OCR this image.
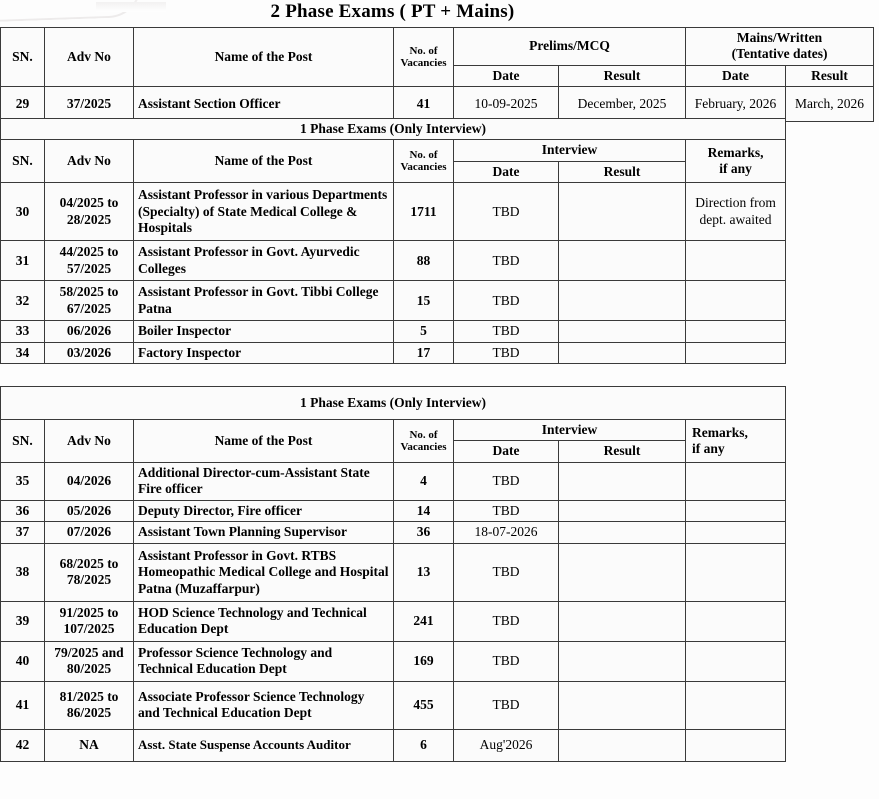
2 Phase Exams ( PT + Mains)
SN.	Adv No	Name of the Post	No. of
Vacancies	Prelims/MCQ		Mains/Written
(Tentative dates)	
				Date	Result	Date	Result
29	37/2025	Assistant Section Officer	41	10-09-2025	December, 2025	February, 2026	March, 2026
1 Phase Exams (Only Interview)						
SN.	Adv No	Name of the Post	No. of
Vacancies	Interview		Remarks,
if any
				Date	Result	
30	04/2025 to 28/2025	Assistant Professor in various Departments (Specialty) of State Medical College & Hospitals	1711	TBD		Direction from dept. awaited
31	44/2025 to 57/2025	Assistant Professor in Govt. Ayurvedic Colleges	88	TBD		
32	58/2025 to 67/2025	Assistant Professor in Govt. Tibbi College Patna	15	TBD		
33	06/2026	Boiler Inspector	5	TBD		
34	03/2026	Factory Inspector	17	TBD		
1 Phase Exams (Only Interview)						
SN.	Adv No	Name of the Post	No. of
Vacancies	Interview		Remarks,
if any
				Date	Result	
35	04/2026	Additional Director-cum-Assistant State Fire officer	4	TBD		
36	05/2026	Deputy Director, Fire officer	14	TBD		
37	07/2026	Assistant Town Planning Supervisor	36	18-07-2026		
38	68/2025 to 78/2025	Assistant Professor in Govt. RTBS Homeopathic Medical College and Hospital Patna (Muzaffarpur)	13	TBD		
39	91/2025 to 107/2025	HOD Science Technology and Technical Education Dept	241	TBD		
40	79/2025 and 80/2025	Professor Science Technology and Technical Education Dept	169	TBD		
41	81/2025 to 86/2025	Associate Professor Science Technology and Technical Education Dept	455	TBD		
42	NA	Asst. State Suspense Accounts Auditor	6	Aug'2026		
